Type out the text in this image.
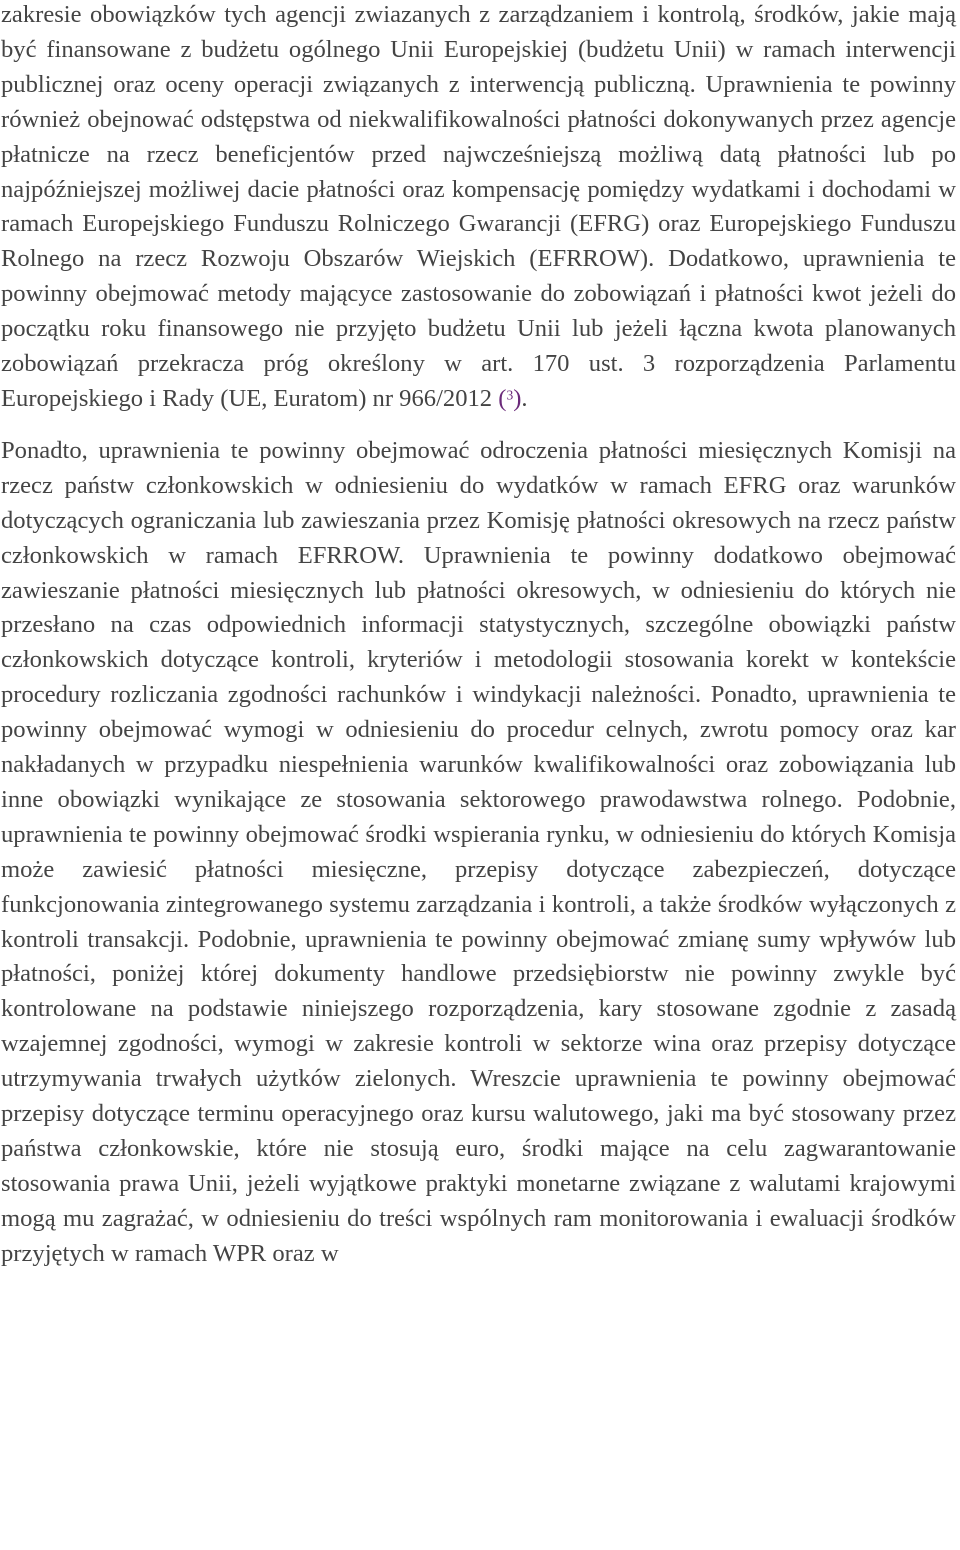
zakresie obowiązków tych agencji zwiazanych z zarządzaniem i kontrolą, środków, jakie mają być finansowane z budżetu ogólnego Unii Europejskiej (budżetu Unii) w ramach interwencji publicznej oraz oceny operacji związanych z interwencją publiczną. Uprawnienia te powinny również obejnować odstępstwa od niekwalifikowalności płatności dokonywanych przez agencje płatnicze na rzecz beneficjentów przed najwcześniejszą możliwą datą płatności lub po najpóźniejszej możliwej dacie płatności oraz kompensację pomiędzy wydatkami i dochodami w ramach Europejskiego Funduszu Rolniczego Gwarancji (EFRG) oraz Europejskiego Funduszu Rolnego na rzecz Rozwoju Obszarów Wiejskich (EFRROW). Dodatkowo, uprawnienia te powinny obejmować metody mającyce zastosowanie do zobowiązań i płatności kwot jeżeli do początku roku finansowego nie przyjęto budżetu Unii lub jeżeli łączna kwota planowanych zobowiązań przekracza próg określony w art. 170 ust. 3 rozporządzenia Parlamentu Europejskiego i Rady (UE, Euratom) nr 966/2012 ($^3$).

Ponadto, uprawnienia te powinny obejmować odroczenia płatności miesięcznych Komisji na rzecz państw członkowskich w odniesieniu do wydatków w ramach EFRG oraz warunków dotyczących ograniczania lub zawieszania przez Komisję płatności okresowych na rzecz państw członkowskich w ramach EFRROW. Uprawnienia te powinny dodatkowo obejmować zawieszanie płatności miesięcznych lub płatności okresowych, w odniesieniu do których nie przesłano na czas odpowiednich informacji statystycznych, szczególne obowiązki państw członkowskich dotyczące kontroli, kryteriów i metodologii stosowania korekt w kontekście procedury rozliczania zgodności rachunków i windykacji należności. Ponadto, uprawnienia te powinny obejmować wymogi w odniesieniu do procedur celnych, zwrotu pomocy oraz kar nakładanych w przypadku niespełnienia warunków kwalifikowalności oraz zobowiązania lub inne obowiązki wynikające ze stosowania sektorowego prawodawstwa rolnego. Podobnie, uprawnienia te powinny obejmować środki wspierania rynku, w odniesieniu do których Komisja może zawiesić płatności miesięczne, przepisy dotyczące zabezpieczeń, dotyczące funkcjonowania zintegrowanego systemu zarządzania i kontroli, a także środków wyłączonych z kontroli transakcji. Podobnie, uprawnienia te powinny obejmować zmianę sumy wpływów lub płatności, poniżej której dokumenty handlowe przedsiębiorstw nie powinny zwykle być kontrolowane na podstawie niniejszego rozporządzenia, kary stosowane zgodnie z zasadą wzajemnej zgodności, wymogi w zakresie kontroli w sektorze wina oraz przepisy dotyczące utrzymywania trwałych użytków zielonych. Wreszcie uprawnienia te powinny obejmować przepisy dotyczące terminu operacyjnego oraz kursu walutowego, jaki ma być stosowany przez państwa członkowskie, które nie stosują euro, środki mające na celu zagwarantowanie stosowania prawa Unii, jeżeli wyjątkowe praktyki monetarne związane z walutami krajowymi mogą mu zagrażać, w odniesieniu do treści wspólnych ram monitorowania i ewaluacji środków przyjętych w ramach WPR oraz w
